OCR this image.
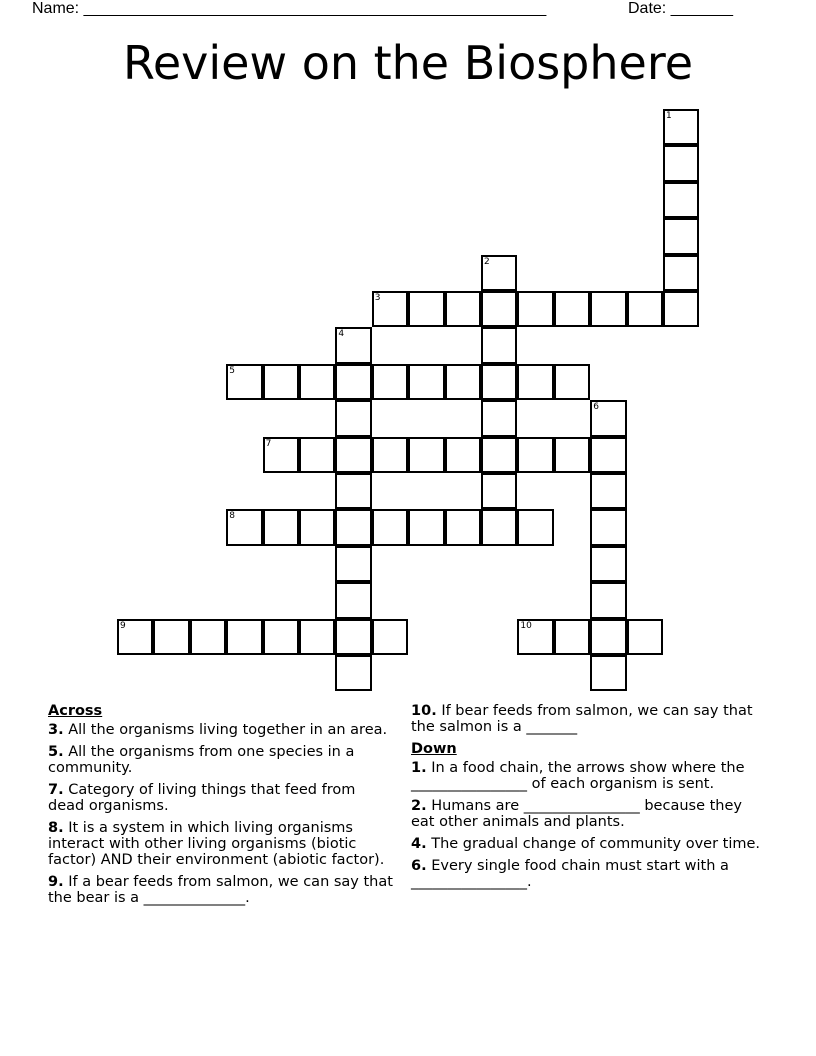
Name: ____________________________________________________	Date: _______
Review on the Biosphere
1
2
3
4
5
6
7
8
9	10
Across
3. All the organisms living together in an area.
5. All the organisms from one species in a community.
7. Category of living things that feed from dead organisms.
8. It is a system in which living organisms interact with other living organisms (biotic factor) AND their environment (abiotic factor).
9. If a bear feeds from salmon, we can say that the bear is a ______________.
10. If bear feeds from salmon, we can say that the salmon is a _______
Down
1. In a food chain, the arrows show where the ________________ of each organism is sent.
2. Humans are ________________ because they eat other animals and plants.
4. The gradual change of community over time.
6. Every single food chain must start with a ________________.
